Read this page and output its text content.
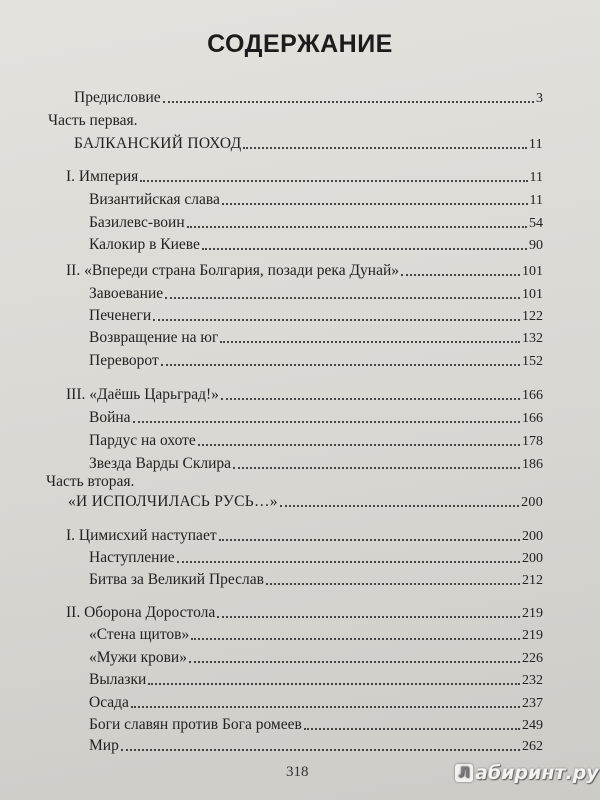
СОДЕРЖАНИЕ
Предисловие	3
Часть первая.
БАЛКАНСКИЙ ПОХОД	11
I. Империя	11
Византийская слава	11
Базилевс-воин	54
Калокир в Киеве	90
II. «Впереди страна Болгария, позади река Дунай»	101
Завоевание	101
Печенеги	122
Возвращение на юг	132
Переворот	152
III. «Даёшь Царьград!»	166
Война	166
Пардус на охоте	178
Звезда Варды Склира	186
Часть вторая.
«И ИСПОЛЧИЛАСЬ РУСЬ…»	200
I. Цимисхий наступает	200
Наступление	200
Битва за Великий Преслав	212
II. Оборона Доростола	219
«Стена щитов»	219
«Мужи крови»	226
Вылазки	232
Осада	237
Боги славян против Бога ромеев	249
Мир	262
318	Л абиринт.ру
